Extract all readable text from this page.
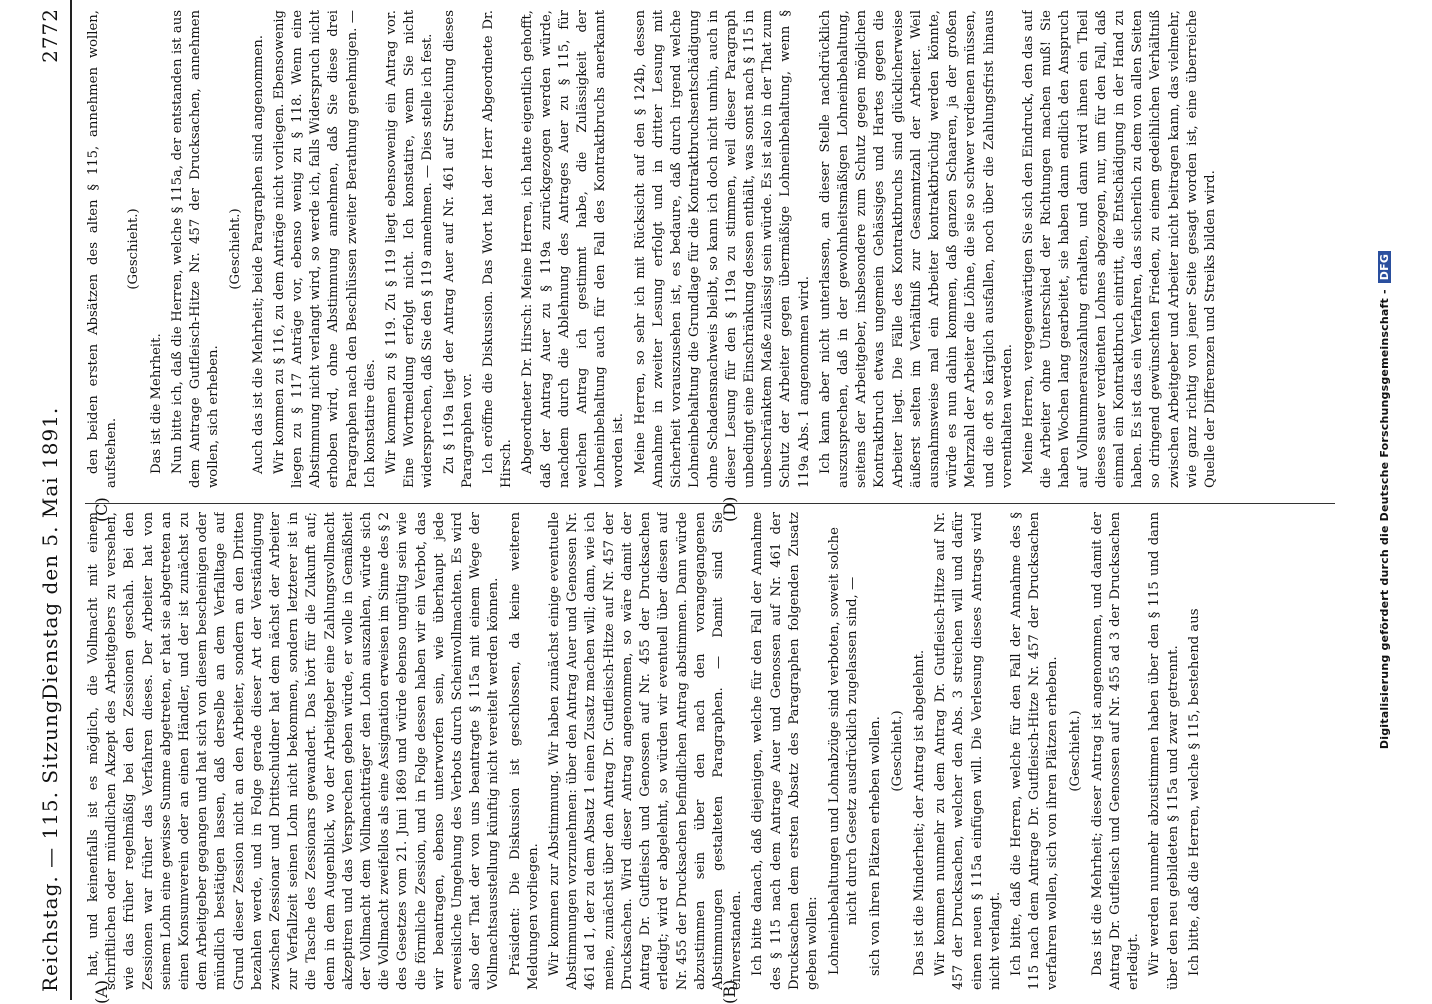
Reichstag. — 115. Sitzung.
Dienstag den 5. Mai 1891.
2772
(A)	(B)
(C)	(D)

hat, und keinenfalls ist es möglich, die Vollmacht mit einem schriftlichen oder mündlichen Akzept des Arbeitgebers zu versehen, wie das früher regelmäßig bei den Zessionen geschah. Bei den Zessionen war früher das Verfahren dieses. Der Arbeiter hat von seinem Lohn eine gewisse Summe abgetreten, er hat sie abgetreten an einen Konsumverein oder an einen Händler, und der ist zunächst zu dem Arbeitgeber gegangen und hat sich von diesem bescheinigen oder mündlich bestätigen lassen, daß derselbe an dem Verfalltage auf Grund dieser Zession nicht an den Arbeiter, sondern an den Dritten bezahlen werde, und in Folge gerade dieser Art der Verständigung zwischen Zessionar und Drittschuldner hat dem nächst der Arbeiter zur Verfallzeit seinen Lohn nicht bekommen, sondern letzterer ist in die Tasche des Zessionars gewandert. Das hört für die Zukunft auf; denn in dem Augenblick, wo der Arbeitgeber eine Zahlungsvollmacht akzeptiren und das Versprechen geben würde, er wolle in Gemäßheit der Vollmacht dem Vollmachtträger den Lohn auszahlen, würde sich die Vollmacht zweifellos als eine Assignation erweisen im Sinne des § 2 des Gesetzes vom 21. Juni 1869 und würde ebenso ungültig sein wie die förmliche Zession, und in Folge dessen haben wir ein Verbot, das wir beantragen, ebenso unterworfen sein, wie überhaupt jede erweisliche Umgehung des Verbots durch Scheinvollmachten. Es wird also der That der von uns beantragte § 115a mit einem Wege der Vollmachtsausstellung künftig nicht vereitelt werden können. Präsident: Die Diskussion ist geschlossen, da keine weiteren Meldungen vorliegen. Wir kommen zur Abstimmung. Wir haben zunächst einige eventuelle Abstimmungen vorzunehmen: über den Antrag Auer und Genossen Nr. 461 ad 1, der zu dem Absatz 1 einen Zusatz machen will; dann, wie ich meine, zunächst über den Antrag Dr. Gutfleisch-Hitze auf Nr. 457 der Drucksachen. Wird dieser Antrag angenommen, so wäre damit der Antrag Dr. Gutfleisch und Genossen auf Nr. 455 der Drucksachen erledigt; wird er abgelehnt, so würden wir eventuell über diesen auf Nr. 455 der Drucksachen befindlichen Antrag abstimmen. Dann würde abzustimmen sein über den nach den vorangegangenen Abstimmungen gestalteten Paragraphen. — Damit sind Sie einverstanden. Ich bitte danach, daß diejenigen, welche für den Fall der Annahme des § 115 nach dem Antrage Auer und Genossen auf Nr. 461 der Drucksachen dem ersten Absatz des Paragraphen folgenden Zusatz geben wollen: Lohneinbehaltungen und Lohnabzüge sind verboten, soweit solche nicht durch Gesetz ausdrücklich zugelassen sind, — sich von ihren Plätzen erheben wollen. (Geschieht.) Das ist die Minderheit; der Antrag ist abgelehnt. Wir kommen nunmehr zu dem Antrag Dr. Gutfleisch-Hitze auf Nr. 457 der Drucksachen, welcher den Abs. 3 streichen will und dafür einen neuen § 115a einfügen will. Die Verlesung dieses Antrags wird nicht verlangt. Ich bitte, daß die Herren, welche für den Fall der Annahme des § 115 nach dem Antrage Dr. Gutfleisch-Hitze Nr. 457 der Drucksachen verfahren wollen, sich von ihren Plätzen erheben. (Geschieht.) Das ist die Mehrheit; dieser Antrag ist angenommen, und damit der Antrag Dr. Gutfleisch und Genossen auf Nr. 455 ad 3 der Drucksachen erledigt. Wir werden nunmehr abzustimmen haben über den § 115 und dann über den neu gebildeten § 115a und zwar getrennt. Ich bitte, daß die Herren, welche § 115, bestehend aus

den beiden ersten Absätzen des alten § 115, annehmen wollen, aufstehen.

(Geschieht.)

Das ist die Mehrheit. Nun bitte ich, daß die Herren, welche § 115a, der entstanden ist aus dem Antrage Gutfleisch-Hitze Nr. 457 der Drucksachen, annehmen wollen, sich erheben.

(Geschieht.) Auch das ist die Mehrheit; beide Paragraphen sind angenommen. Wir kommen zu § 116, zu dem Anträge nicht vorliegen. Ebensowenig liegen zu § 117 Anträge vor, ebenso wenig zu § 118. Wenn eine Abstimmung nicht verlangt wird, so werde ich, falls Widerspruch nicht erhoben wird, ohne Abstimmung annehmen, daß Sie diese drei Paragraphen nach den Beschlüssen zweiter Berathung genehmigen. — Ich konstatire dies. Wir kommen zu § 119. Zu § 119 liegt ebensowenig ein Antrag vor. Eine Wortmeldung erfolgt nicht. Ich konstatire, wenn Sie nicht widersprechen, daß Sie den § 119 annehmen. — Dies stelle ich fest. Zu § 119a liegt der Antrag Auer auf Nr. 461 auf Streichung dieses Paragraphen vor. Ich eröffne die Diskussion. Das Wort hat der Herr Abgeordnete Dr. Hirsch. Abgeordneter Dr. Hirsch: Meine Herren, ich hatte eigentlich gehofft, daß der Antrag Auer zu § 119a zurückgezogen werden würde, nachdem durch die Ablehnung des Antrages Auer zu § 115, für welchen Antrag ich gestimmt habe, die Zulässigkeit der Lohneinbehaltung auch für den Fall des Kontraktbruchs anerkannt worden ist. Meine Herren, so sehr ich mit Rücksicht auf den § 124b, dessen Annahme in zweiter Lesung erfolgt und in dritter Lesung mit Sicherheit vorauszusehen ist, es bedaure, daß durch irgend welche Lohneinbehaltung die Grundlage für die Kontraktbruchsentschädigung ohne Schadensnachweis bleibt, so kann ich doch nicht umhin, auch in dieser Lesung für den § 119a zu stimmen, weil dieser Paragraph unbedingt eine Einschränkung dessen enthält, was sonst nach § 115 in unbeschränktem Maße zulässig sein würde. Es ist also in der That zum Schutz der Arbeiter gegen übermäßige Lohneinbehaltung, wenn § 119a Abs. 1 angenommen wird. Ich kann aber nicht unterlassen, an dieser Stelle nachdrücklich auszusprechen, daß in der gewohnheitsmäßigen Lohneinbehaltung, seitens der Arbeitgeber, insbesondere zum Schutz gegen möglichen Kontraktbruch etwas ungemein Gehässiges und Hartes gegen die Arbeiter liegt. Die Fälle des Kontraktbruchs sind glücklicherweise äußerst selten im Verhältniß zur Gesammtzahl der Arbeiter. Weil ausnahmsweise mal ein Arbeiter kontraktbrüchig werden könnte, würde es nun dahin kommen, daß ganzen Schaaren, ja der großen Mehrzahl der Arbeiter die Löhne, die sie so schwer verdienen müssen, und die oft so kärglich ausfallen, noch über die Zahlungsfrist hinaus vorenthalten werden. Meine Herren, vergegenwärtigen Sie sich den Eindruck, den das auf die Arbeiter ohne Unterschied der Richtungen machen muß! Sie haben Wochen lang gearbeitet, sie haben dann endlich den Anspruch auf Vollnummerauszahlung erhalten, und dann wird ihnen ein Theil dieses sauer verdienten Lohnes abgezogen, nur, um für den Fall, daß einmal ein Kontraktbruch eintritt, die Entschädigung in der Hand zu haben. Es ist das ein Verfahren, das sicherlich zu dem von allen Seiten so dringend gewünschten Frieden, zu einem gedeihlichen Verhältniß zwischen Arbeitgeber und Arbeiter nicht beitragen kann, das vielmehr, wie ganz richtig von jener Seite gesagt worden ist, eine überreiche Quelle der Differenzen und Streiks bilden wird.	Digitalisierung gefördert durch die Deutsche Forschungsgemeinschaft -DFG
